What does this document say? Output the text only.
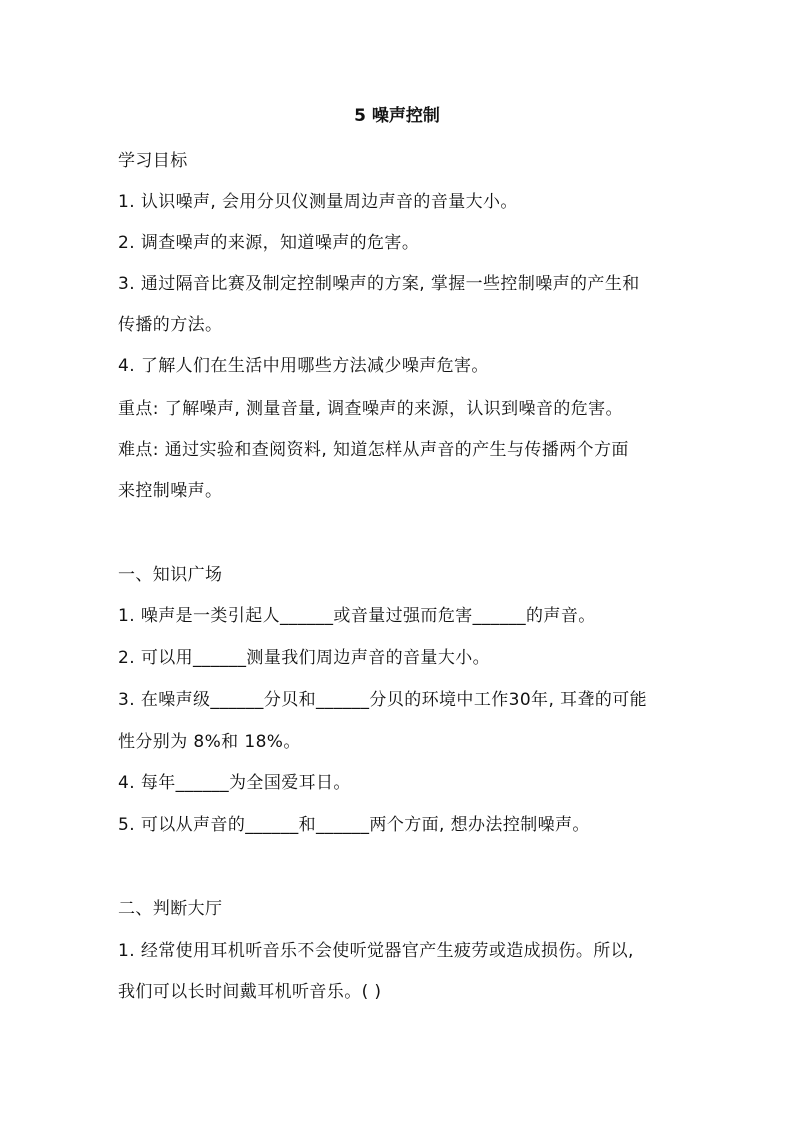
5 噪声控制
学习目标
1. 认识噪声, 会用分贝仪测量周边声音的音量大小。
2. 调查噪声的来源，知道噪声的危害。
3. 通过隔音比赛及制定控制噪声的方案, 掌握一些控制噪声的产生和
传播的方法。
4. 了解人们在生活中用哪些方法减少噪声危害。
重点: 了解噪声, 测量音量, 调查噪声的来源，认识到噪音的危害。
难点: 通过实验和查阅资料, 知道怎样从声音的产生与传播两个方面
来控制噪声。
一、知识广场
1. 噪声是一类引起人______或音量过强而危害______的声音。
2. 可以用______测量我们周边声音的音量大小。
3. 在噪声级______分贝和______分贝的环境中工作30年, 耳聋的可能
性分别为 8%和 18%。
4. 每年______为全国爱耳日。
5. 可以从声音的______和______两个方面, 想办法控制噪声。
二、判断大厅
1. 经常使用耳机听音乐不会使听觉器官产生疲劳或造成损伤。所以,
我们可以长时间戴耳机听音乐。( )
